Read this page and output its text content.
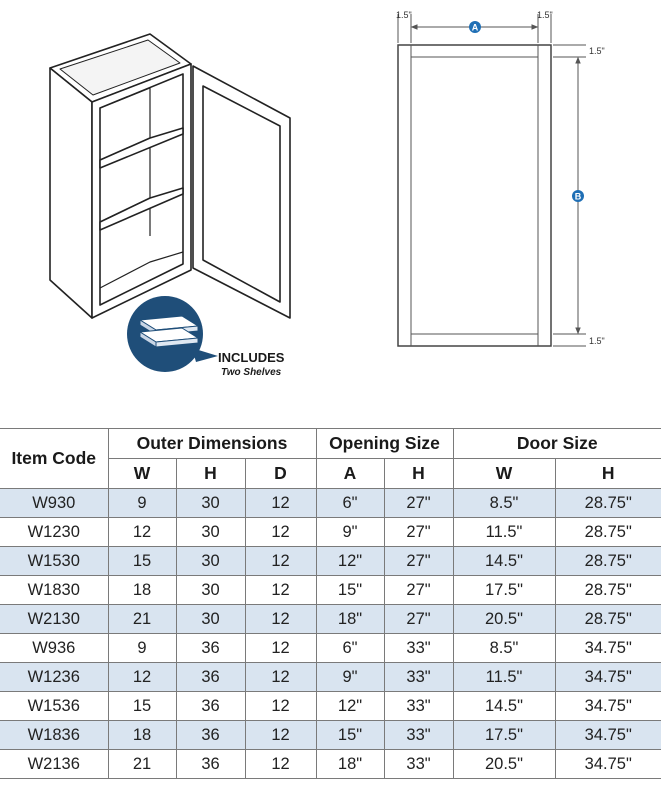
INCLUDES
Two Shelves
1.5"	1.5"
1.5"
1.5"
A
B
Item Code	Outer Dimensions			Opening Size		Door Size	
	W	H	D	A	H	W	H
W930	9	30	12	6"	27"	8.5"	28.75"
W1230	12	30	12	9"	27"	11.5"	28.75"
W1530	15	30	12	12"	27"	14.5"	28.75"
W1830	18	30	12	15"	27"	17.5"	28.75"
W2130	21	30	12	18"	27"	20.5"	28.75"
W936	9	36	12	6"	33"	8.5"	34.75"
W1236	12	36	12	9"	33"	11.5"	34.75"
W1536	15	36	12	12"	33"	14.5"	34.75"
W1836	18	36	12	15"	33"	17.5"	34.75"
W2136	21	36	12	18"	33"	20.5"	34.75"
